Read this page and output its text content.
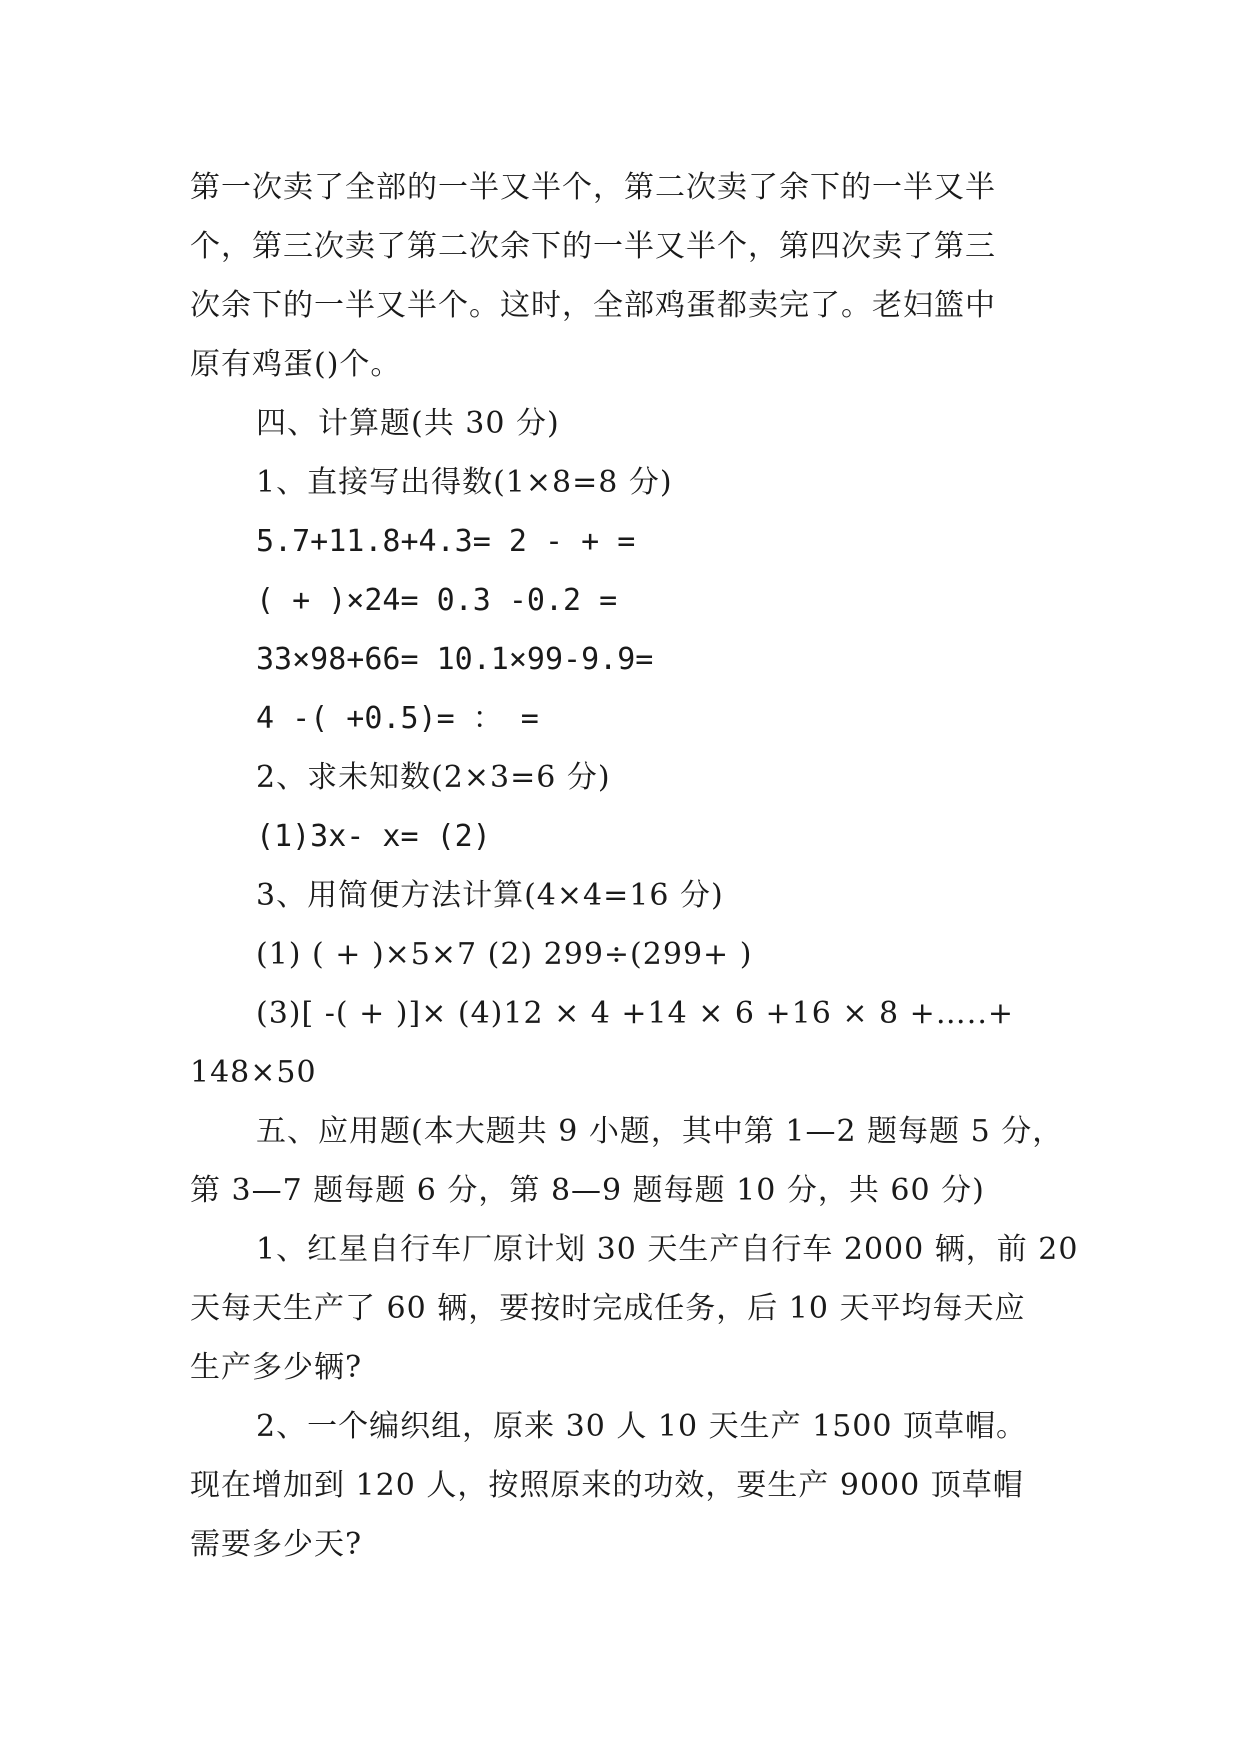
第一次卖了全部的一半又半个，第二次卖了余下的一半又半
个，第三次卖了第二次余下的一半又半个，第四次卖了第三
次余下的一半又半个。这时，全部鸡蛋都卖完了。老妇篮中
原有鸡蛋()个。
四、计算题(共 30 分)
1、直接写出得数(1×8=8 分)
5.7+11.8+4.3= 2 - + =
( + )×24= 0.3 -0.2 =
33×98+66= 10.1×99-9.9=
4 -( +0.5)= ： =
2、求未知数(2×3=6 分)
(1)3x- x= (2)
3、用简便方法计算(4×4=16 分)
(1) ( + )×5×7 (2) 299÷(299+ )
(3)[ -( + )]× (4)12 × 4 +14 × 6 +16 × 8 +…..+
148×50
五、应用题(本大题共 9 小题，其中第 1—2 题每题 5 分，
第 3—7 题每题 6 分，第 8—9 题每题 10 分，共 60 分)
1、红星自行车厂原计划 30 天生产自行车 2000 辆，前 20
天每天生产了 60 辆，要按时完成任务，后 10 天平均每天应
生产多少辆?
2、一个编织组，原来 30 人 10 天生产 1500 顶草帽。
现在增加到 120 人，按照原来的功效，要生产 9000 顶草帽
需要多少天?
